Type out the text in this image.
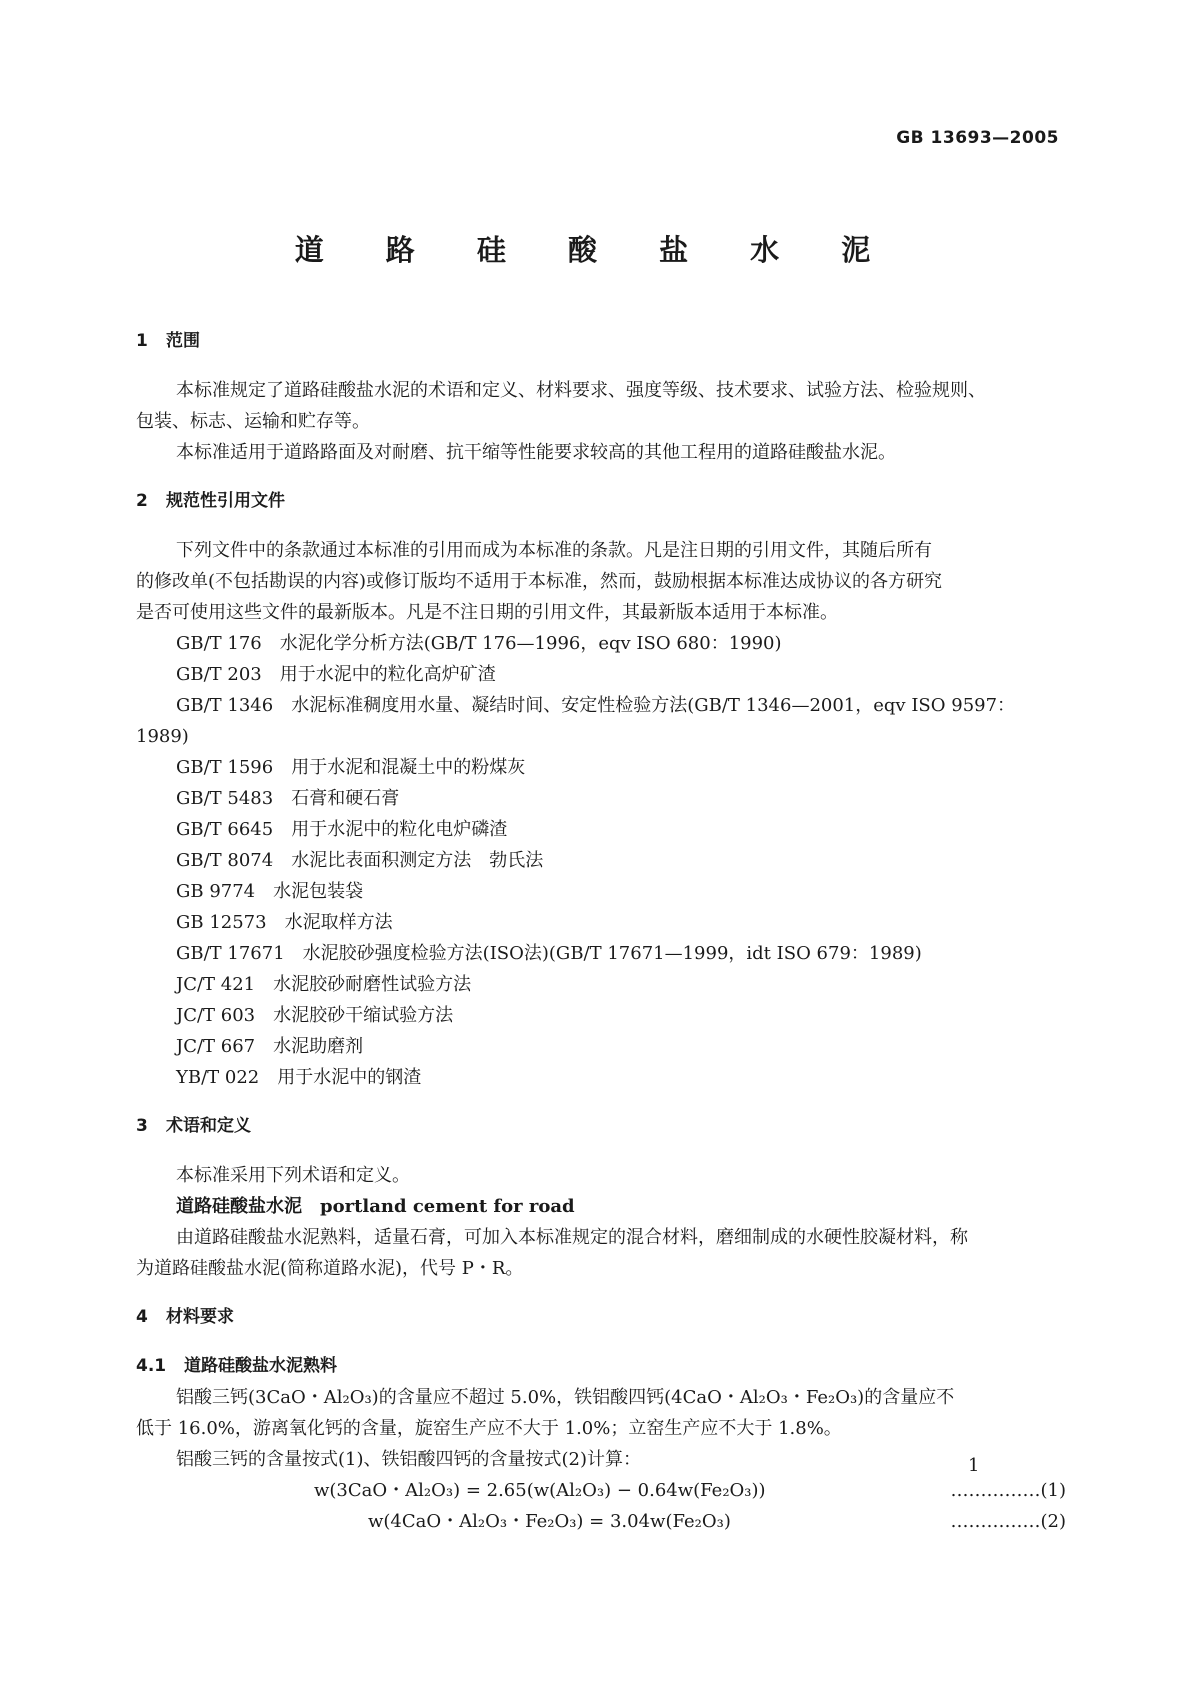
GB 13693—2005
道 路 硅 酸 盐 水 泥
1 范围
本标准规定了道路硅酸盐水泥的术语和定义、材料要求、强度等级、技术要求、试验方法、检验规则、
包装、标志、运输和贮存等。
本标准适用于道路路面及对耐磨、抗干缩等性能要求较高的其他工程用的道路硅酸盐水泥。
2 规范性引用文件
下列文件中的条款通过本标准的引用而成为本标准的条款。凡是注日期的引用文件，其随后所有
的修改单(不包括勘误的内容)或修订版均不适用于本标准，然而，鼓励根据本标准达成协议的各方研究
是否可使用这些文件的最新版本。凡是不注日期的引用文件，其最新版本适用于本标准。
GB/T 176 水泥化学分析方法(GB/T 176—1996，eqv ISO 680：1990)
GB/T 203 用于水泥中的粒化高炉矿渣
GB/T 1346 水泥标准稠度用水量、凝结时间、安定性检验方法(GB/T 1346—2001，eqv ISO 9597：
1989)
GB/T 1596 用于水泥和混凝土中的粉煤灰
GB/T 5483 石膏和硬石膏
GB/T 6645 用于水泥中的粒化电炉磷渣
GB/T 8074 水泥比表面积测定方法　勃氏法
GB 9774 水泥包装袋
GB 12573 水泥取样方法
GB/T 17671 水泥胶砂强度检验方法(ISO法)(GB/T 17671—1999，idt ISO 679：1989)
JC/T 421 水泥胶砂耐磨性试验方法
JC/T 603 水泥胶砂干缩试验方法
JC/T 667 水泥助磨剂
YB/T 022 用于水泥中的钢渣
3 术语和定义
本标准采用下列术语和定义。
道路硅酸盐水泥 portland cement for road
由道路硅酸盐水泥熟料，适量石膏，可加入本标准规定的混合材料，磨细制成的水硬性胶凝材料，称
为道路硅酸盐水泥(简称道路水泥)，代号 P・R。
4 材料要求
4.1 道路硅酸盐水泥熟料
铝酸三钙(3CaO・Al₂O₃)的含量应不超过 5.0%，铁铝酸四钙(4CaO・Al₂O₃・Fe₂O₃)的含量应不
低于 16.0%，游离氧化钙的含量，旋窑生产应不大于 1.0%；立窑生产应不大于 1.8%。
铝酸三钙的含量按式(1)、铁铝酸四钙的含量按式(2)计算：
w(3CaO・Al₂O₃) = 2.65(w(Al₂O₃) − 0.64w(Fe₂O₃))	……………(1)
w(4CaO・Al₂O₃・Fe₂O₃) = 3.04w(Fe₂O₃)	……………(2)
1
